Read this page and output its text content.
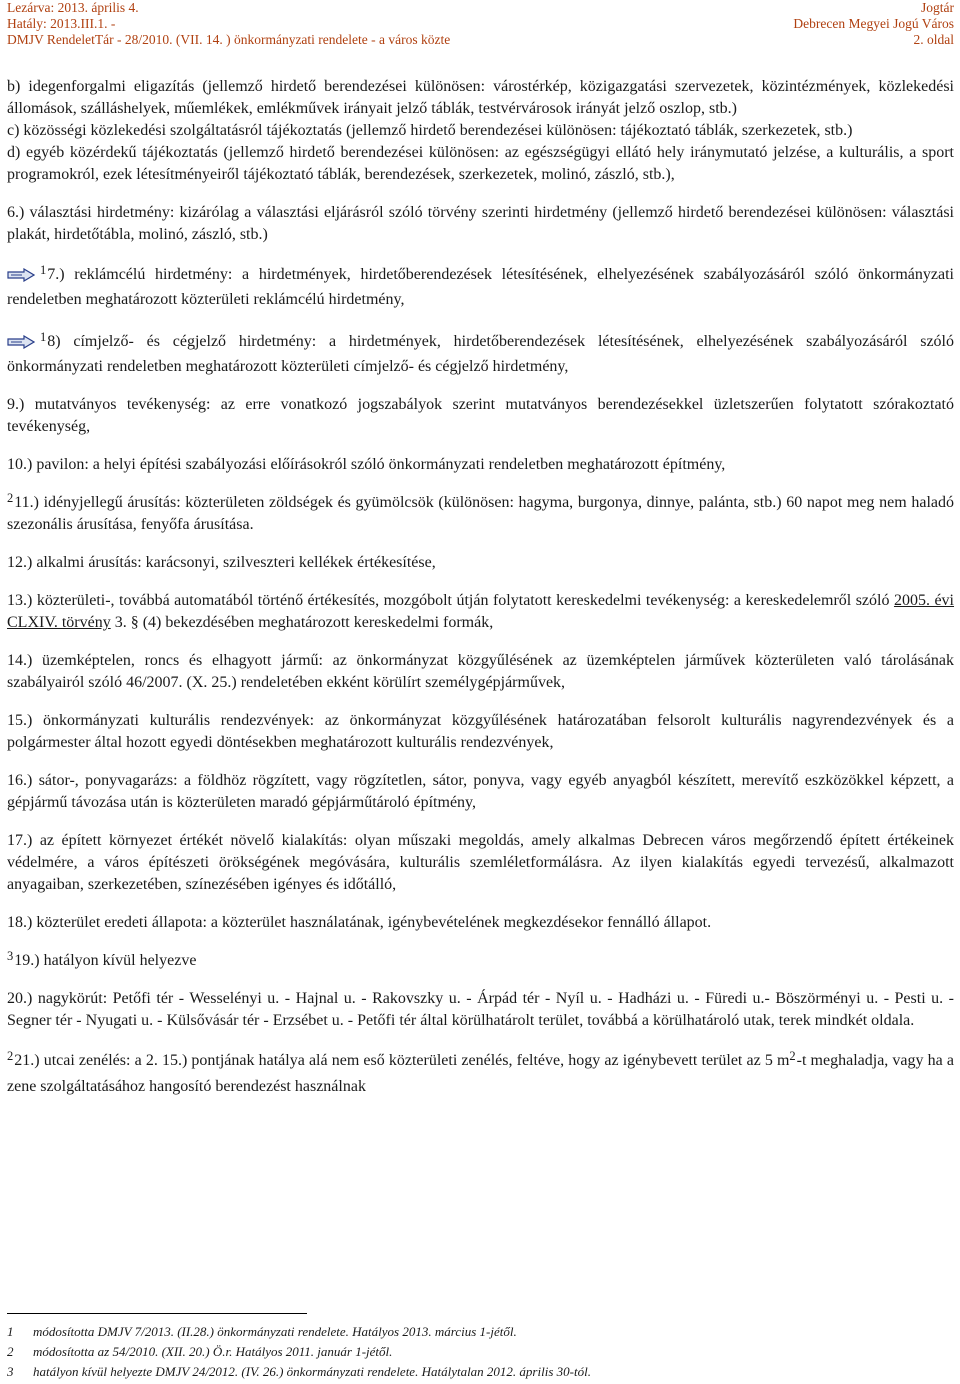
Lezárva: 2013. április 4.
Hatály: 2013.III.1. -
DMJV RendeletTár - 28/2010. (VII. 14. ) önkormányzati rendelete - a város közte
Jogtár
Debrecen Megyei Jogú Város
2. oldal

b) idegenforgalmi eligazítás (jellemző hirdető berendezései különösen: várostérkép, közigazgatási szervezetek, közintézmények, közlekedési állomások, szálláshelyek, műemlékek, emlékművek irányait jelző táblák, testvérvárosok irányát jelző oszlop, stb.)

c) közösségi közlekedési szolgáltatásról tájékoztatás (jellemző hirdető berendezései különösen: tájékoztató táblák, szerkezetek, stb.)

d) egyéb közérdekű tájékoztatás (jellemző hirdető berendezései különösen: az egészségügyi ellátó hely iránymutató jelzése, a kulturális, a sport programokról, ezek létesítményeiről tájékoztató táblák, berendezések, szerkezetek, molinó, zászló, stb.),

6.) választási hirdetmény: kizárólag a választási eljárásról szóló törvény szerinti hirdetmény (jellemző hirdető berendezései különösen: választási plakát, hirdetőtábla, molinó, zászló, stb.)

$^1$7.) reklámcélú hirdetmény: a hirdetmények, hirdetőberendezések létesítésének, elhelyezésének szabályozásáról szóló önkormányzati rendeletben meghatározott közterületi reklámcélú hirdetmény,

$^1$8) címjelző- és cégjelző hirdetmény: a hirdetmények, hirdetőberendezések létesítésének, elhelyezésének szabályozásáról szóló önkormányzati rendeletben meghatározott közterületi címjelző- és cégjelző hirdetmény,

9.) mutatványos tevékenység: az erre vonatkozó jogszabályok szerint mutatványos berendezésekkel üzletszerűen folytatott szórakoztató tevékenység,

10.) pavilon: a helyi építési szabályozási előírásokról szóló önkormányzati rendeletben meghatározott építmény,

$^2$11.) idényjellegű árusítás: közterületen zöldségek és gyümölcsök (különösen: hagyma, burgonya, dinnye, palánta, stb.) 60 napot meg nem haladó szezonális árusítása, fenyőfa árusítása.

12.) alkalmi árusítás: karácsonyi, szilveszteri kellékek értékesítése,

13.) közterületi-, továbbá automatából történő értékesítés, mozgóbolt útján folytatott kereskedelmi tevékenység: a kereskedelemről szóló 2005. évi CLXIV. törvény 3. § (4) bekezdésében meghatározott kereskedelmi formák,

14.) üzemképtelen, roncs és elhagyott jármű: az önkormányzat közgyűlésének az üzemképtelen járművek közterületen való tárolásának szabályairól szóló 46/2007. (X. 25.) rendeletében ekként körülírt személygépjárművek,

15.) önkormányzati kulturális rendezvények: az önkormányzat közgyűlésének határozatában felsorolt kulturális nagyrendezvények és a polgármester által hozott egyedi döntésekben meghatározott kulturális rendezvények,

16.) sátor-, ponyvagarázs: a földhöz rögzített, vagy rögzítetlen, sátor, ponyva, vagy egyéb anyagból készített, merevítő eszközökkel képzett, a gépjármű távozása után is közterületen maradó gépjárműtároló építmény,

17.) az épített környezet értékét növelő kialakítás: olyan műszaki megoldás, amely alkalmas Debrecen város megőrzendő épített értékeinek védelmére, a város építészeti örökségének megóvására, kulturális szemléletformálásra. Az ilyen kialakítás egyedi tervezésű, alkalmazott anyagaiban, szerkezetében, színezésében igényes és időtálló,

18.) közterület eredeti állapota: a közterület használatának, igénybevételének megkezdésekor fennálló állapot.

$^3$19.) hatályon kívül helyezve

20.) nagykörút: Petőfi tér - Wesselényi u. - Hajnal u. - Rakovszky u. - Árpád tér - Nyíl u. - Hadházi u. - Füredi u.- Böszörményi u. - Pesti u. - Segner tér - Nyugati u. - Külsővásár tér - Erzsébet u. - Petőfi tér által körülhatárolt terület, továbbá a körülhatároló utak, terek mindkét oldala.

$^2$21.) utcai zenélés: a 2. 15.) pontjának hatálya alá nem eső közterületi zenélés, feltéve, hogy az igénybevett terület az 5 $m^2-t$ meghaladja, vagy ha a zene szolgáltatásához hangosító berendezést használnak

1 módosította DMJV 7/2013. (II.28.) önkormányzati rendelete. Hatályos 2013. március 1-jétől.
2 módosította az 54/2010. (XII. 20.) Ö.r. Hatályos 2011. január 1-jétől.
3 hatályon kívül helyezte DMJV 24/2012. (IV. 26.) önkormányzati rendelete. Hatálytalan 2012. április 30-tól.
